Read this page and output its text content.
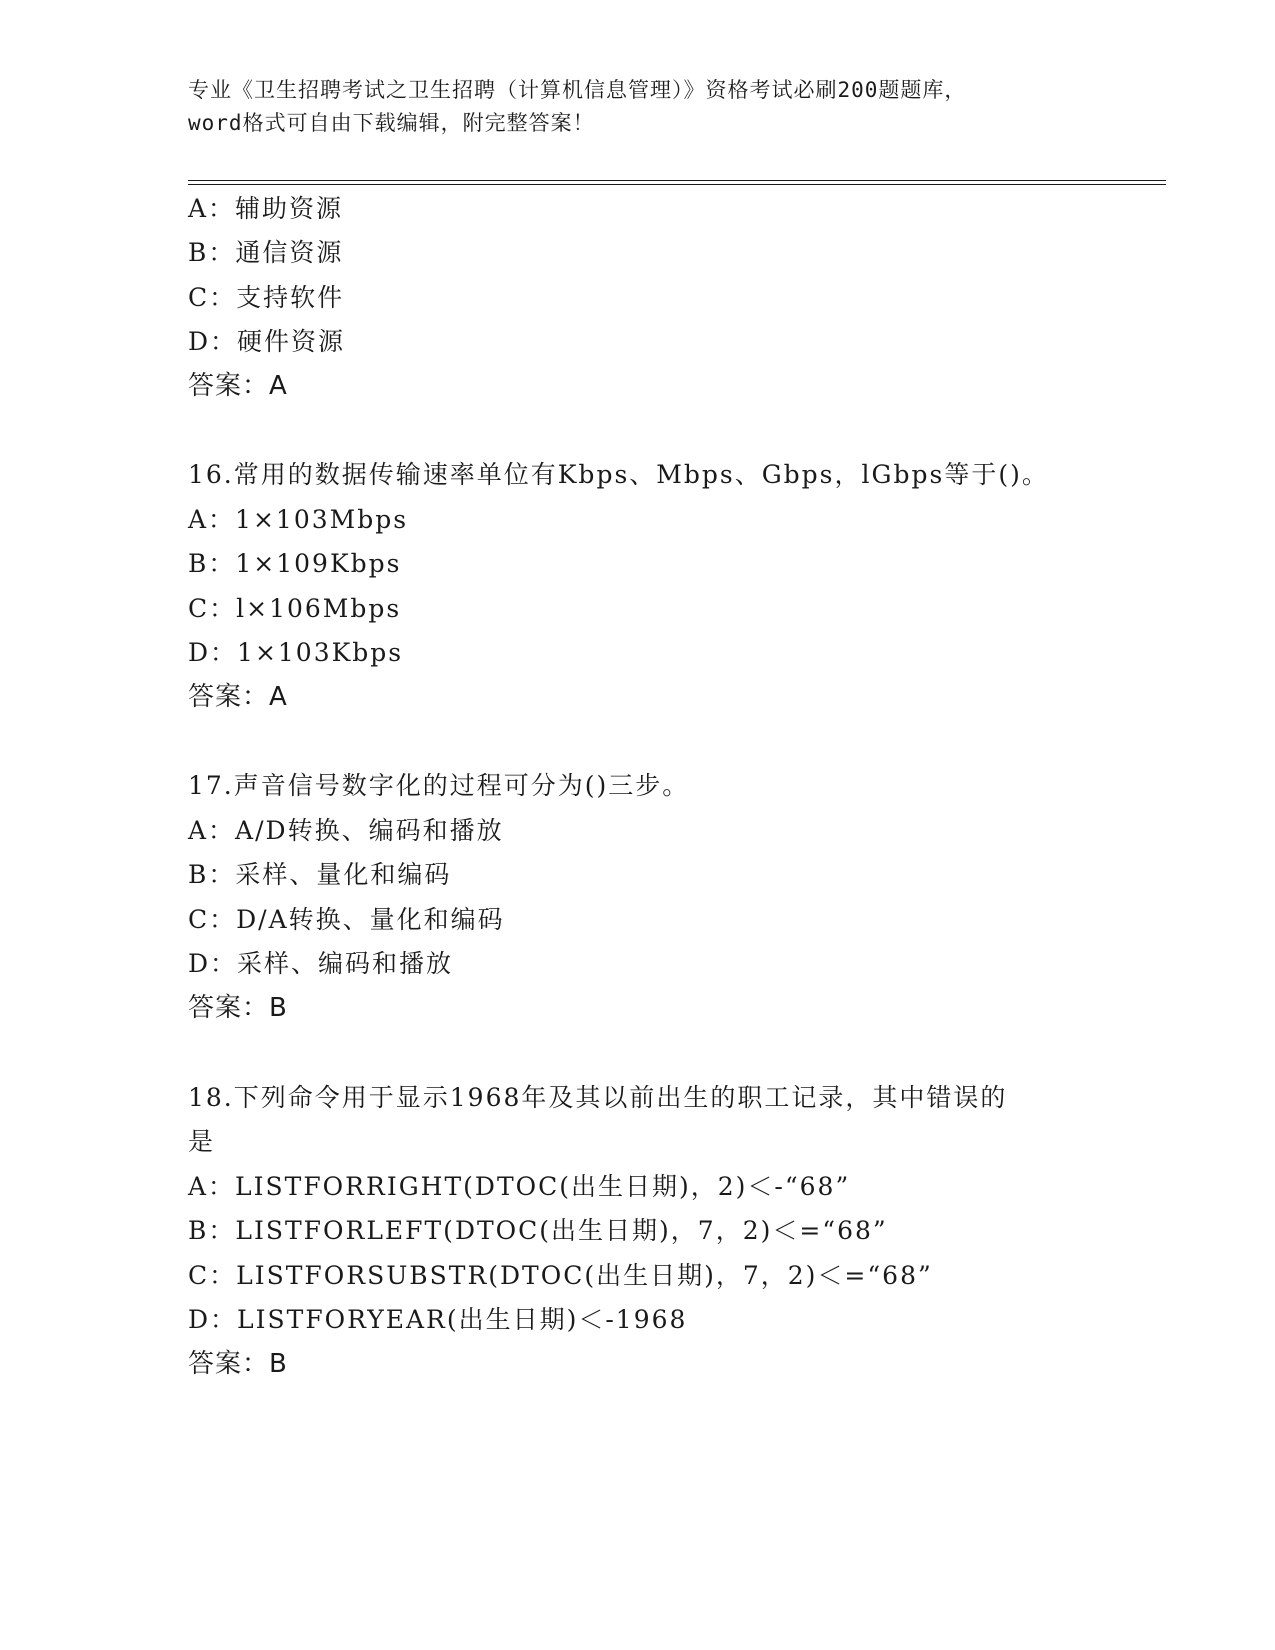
专业《卫生招聘考试之卫生招聘（计算机信息管理）》资格考试必刷200题题库，

word格式可自由下载编辑，附完整答案！

A：辅助资源
B：通信资源
C：支持软件
D：硬件资源
答案：A
16.常用的数据传输速率单位有Kbps、Mbps、Gbps，lGbps等于()。
A：1×103Mbps
B：1×109Kbps
C：l×106Mbps
D：1×103Kbps
答案：A
17.声音信号数字化的过程可分为()三步。
A：A/D转换、编码和播放
B：采样、量化和编码
C：D/A转换、量化和编码
D：采样、编码和播放
答案：B
18.下列命令用于显示1968年及其以前出生的职工记录，其中错误的
是
A：LISTFORRIGHT(DTOC(出生日期)，2)＜-“68”
B：LISTFORLEFT(DTOC(出生日期)，7，2)＜=“68”
C：LISTFORSUBSTR(DTOC(出生日期)，7，2)＜=“68”
D：LISTFORYEAR(出生日期)＜-1968
答案：B
